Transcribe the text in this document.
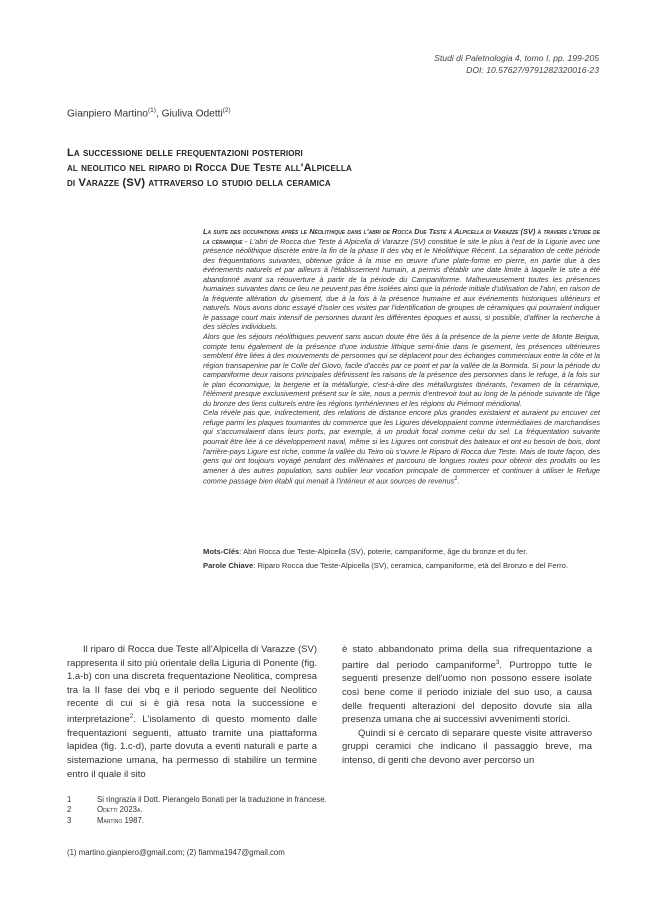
Studi di Paletnologia 4, tomo I, pp. 199-205
DOI: 10.57627/9791282320016-23
Gianpiero Martino$^{(1)}$, Giuliva Odetti$^{(2)}$
La successione delle frequentazioni posteriori
al neolitico nel riparo di Rocca Due Teste all'Alpicella
di Varazze (SV) attraverso lo studio della ceramica

La suite des occupations après le Néolithique dans l'abri de Rocca Due Teste à Alpicella di Varazze (SV) à travers l'étude de la céramique - L'abri de Rocca due Teste à Alpicella di Varazze (SV) constitue le site le plus à l'est de la Ligurie avec une présence néolithique discrète entre la fin de la phase II des vbq et le Néolithique Récent. La séparation de cette période des fréquentations suivantes, obtenue grâce à la mise en œuvre d'une plate-forme en pierre, en partie due à des événements naturels et par ailleurs à l'établissement humain, a permis d'établir une date limite à laquelle le site a été abandonné avant sa réouverture à partir de la période du Campaniforme. Malheureusement toutes les présences humaines suivantes dans ce lieu ne peuvent pas être isolées ainsi que la période initiale d'utilisation de l'abri, en raison de la fréquente altération du gisement, due à la fois à la présence humaine et aux événements historiques ultérieurs et naturels. Nous avons donc essayé d'isoler ces visites par l'identification de groupes de céramiques qui pourraient indiquer le passage court mais intensif de personnes durant les différentes époques et aussi, si possible, d'affiner la recherche à des siècles individuels.

Alors que les séjours néolithiques peuvent sans aucun doute être liés à la présence de la pierre verte de Monte Beigua, compte tenu également de la présence d'une industrie lithique semi-finie dans le gisement, les présences ultérieures semblent être liées à des mouvements de personnes qui se déplacent pour des échanges commerciaux entre la côte et la région transapenine par le Colle del Giovo, facile d'accès par ce point et par la vallée de la Bormida. Si pour la période du campaniforme deux raisons principales définissent les raisons de la présence des personnes dans le refuge, à la fois sur le plan économique, la bergerie et la métallurgie, c'est-à-dire des métallurgistes itinérants, l'examen de la céramique, l'élément presque exclusivement présent sur le site, nous a permis d'entrevoir tout au long de la période suivante de l'âge du bronze des liens culturels entre les régions tyrrhéniennes et les régions du Piémont méridional.

Cela révèle pas que, indirectement, des relations de distance encore plus grandes existaient et auraient pu encuver cet refuge parmi les plaques tournantes du commerce que les Ligures développaient comme intermédiaires de marchandises qui s'accumulaient dans leurs ports, par exemple, à un produit focal comme celui du sel. La fréquentation suivante pourrait être liée à ce développement naval, même si les Ligures ont construit des bateaux et ont eu besoin de bois, dont l'arrière-pays Ligure est riche, comme la vallée du Teiro où s'ouvre le Riparo di Rocca due Teste. Mais de toute façon, des gens qui ont toujours voyagé pendant des millénaires et parcouru de longues routes pour obtenir des produits ou les amener à des autres population, sans oublier leur vocation principale de commercer et continuer à utiliser le Refuge comme passage bien établi qui menait à l'intérieur et aux sources de revenus$^1$.

Mots-Clés: Abri Rocca due Teste-Alpicella (SV), poterie, campaniforme, âge du bronze et du fer.

Parole Chiave: Riparo Rocca due Teste-Alpicella (SV), ceramica, campaniforme, età del Bronzo e del Ferro.

Il riparo di Rocca due Teste all'Alpicella di Varazze (SV) rappresenta il sito più orientale della Liguria di Ponente (fig. 1.a-b) con una discreta frequentazione Neolitica, compresa tra la II fase dei vbq e il periodo seguente del Neolitico recente di cui si è già resa nota la successione e interpretazione$^2$. L'isolamento di questo momento dalle frequentazioni seguenti, attuato tramite una piattaforma lapidea (fig. 1.c-d), parte dovuta a eventi naturali e parte a sistemazione umana, ha permesso di stabilire un termine entro il quale il sito

è stato abbandonato prima della sua rifrequentazione a partire dal periodo campaniforme$^3$. Purtroppo tutte le seguenti presenze dell'uomo non possono essere isolate così bene come il periodo iniziale del suo uso, a causa delle frequenti alterazioni del deposito dovute sia alla presenza umana che ai successivi avvenimenti storici.

Quindi si è cercato di separare queste visite attraverso gruppi ceramici che indicano il passaggio breve, ma intenso, di genti che devono aver percorso un

1	Si ringrazia il Dott. Pierangelo Bonati per la traduzione in francese.
2	Odetti 2023a.
3	Martino 1987.
(1) martino.gianpiero@gmail.com; (2) fiamma1947@gmail.com
